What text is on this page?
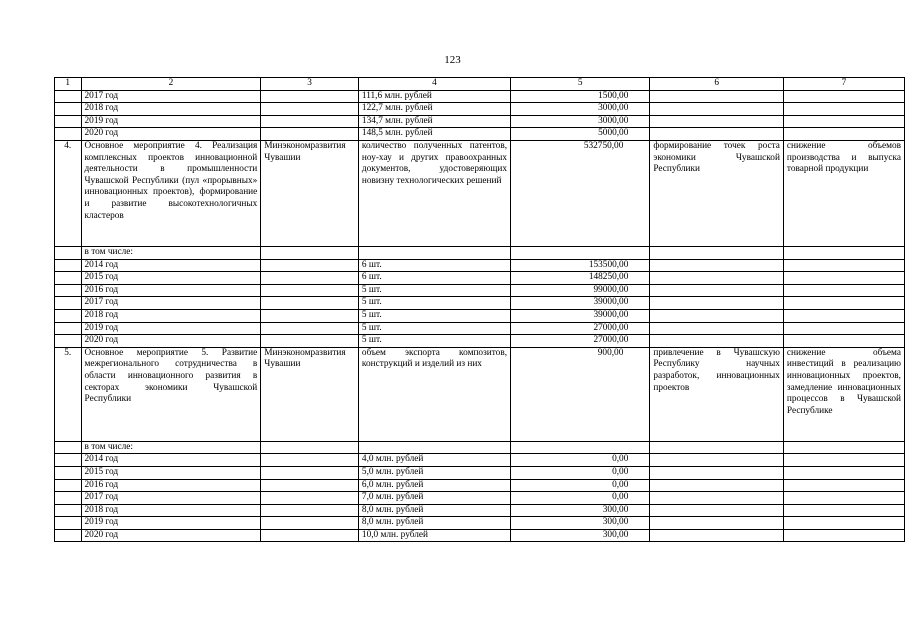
123
1	2	3	4	5	6	7
	2017 год		111,6 млн. рублей	1500,00		
	2018 год		122,7 млн. рублей	3000,00		
	2019 год		134,7 млн. рублей	3000,00		
	2020 год		148,5 млн. рублей	5000,00		
4.	Основное мероприятие 4. Реализация комплексных проектов инновационной деятельности в промышленности Чувашской Республики (пул «прорывных» инновационных проектов), формирование и развитие высокотехнологичных кластеров	Минэкономразвития Чувашии	количество полученных патентов, ноу-хау и других правоохранных документов, удостоверяющих новизну технологических решений	532750,00	формирование точек роста экономики Чувашской Республики	снижение объемов производства и выпуска товарной продукции
	в том числе:					
	2014 год		6 шт.	153500,00		
	2015 год		6 шт.	148250,00		
	2016 год		5 шт.	99000,00		
	2017 год		5 шт.	39000,00		
	2018 год		5 шт.	39000,00		
	2019 год		5 шт.	27000,00		
	2020 год		5 шт.	27000,00		
5.	Основное мероприятие 5. Развитие межрегионального сотрудничества в области инновационного развития в секторах экономики Чувашской Республики	Минэкономразвития Чувашии	объем экспорта композитов, конструкций и изделий из них	900,00	привлечение в Чувашскую Республику научных разработок, инновационных проектов	снижение объема инвестиций в реализацию инновационных проектов, замедление инновационных процессов в Чувашской Республике
	в том числе:					
	2014 год		4,0 млн. рублей	0,00		
	2015 год		5,0 млн. рублей	0,00		
	2016 год		6,0 млн. рублей	0,00		
	2017 год		7,0 млн. рублей	0,00		
	2018 год		8,0 млн. рублей	300,00		
	2019 год		8,0 млн. рублей	300,00		
	2020 год		10,0 млн. рублей	300,00		
